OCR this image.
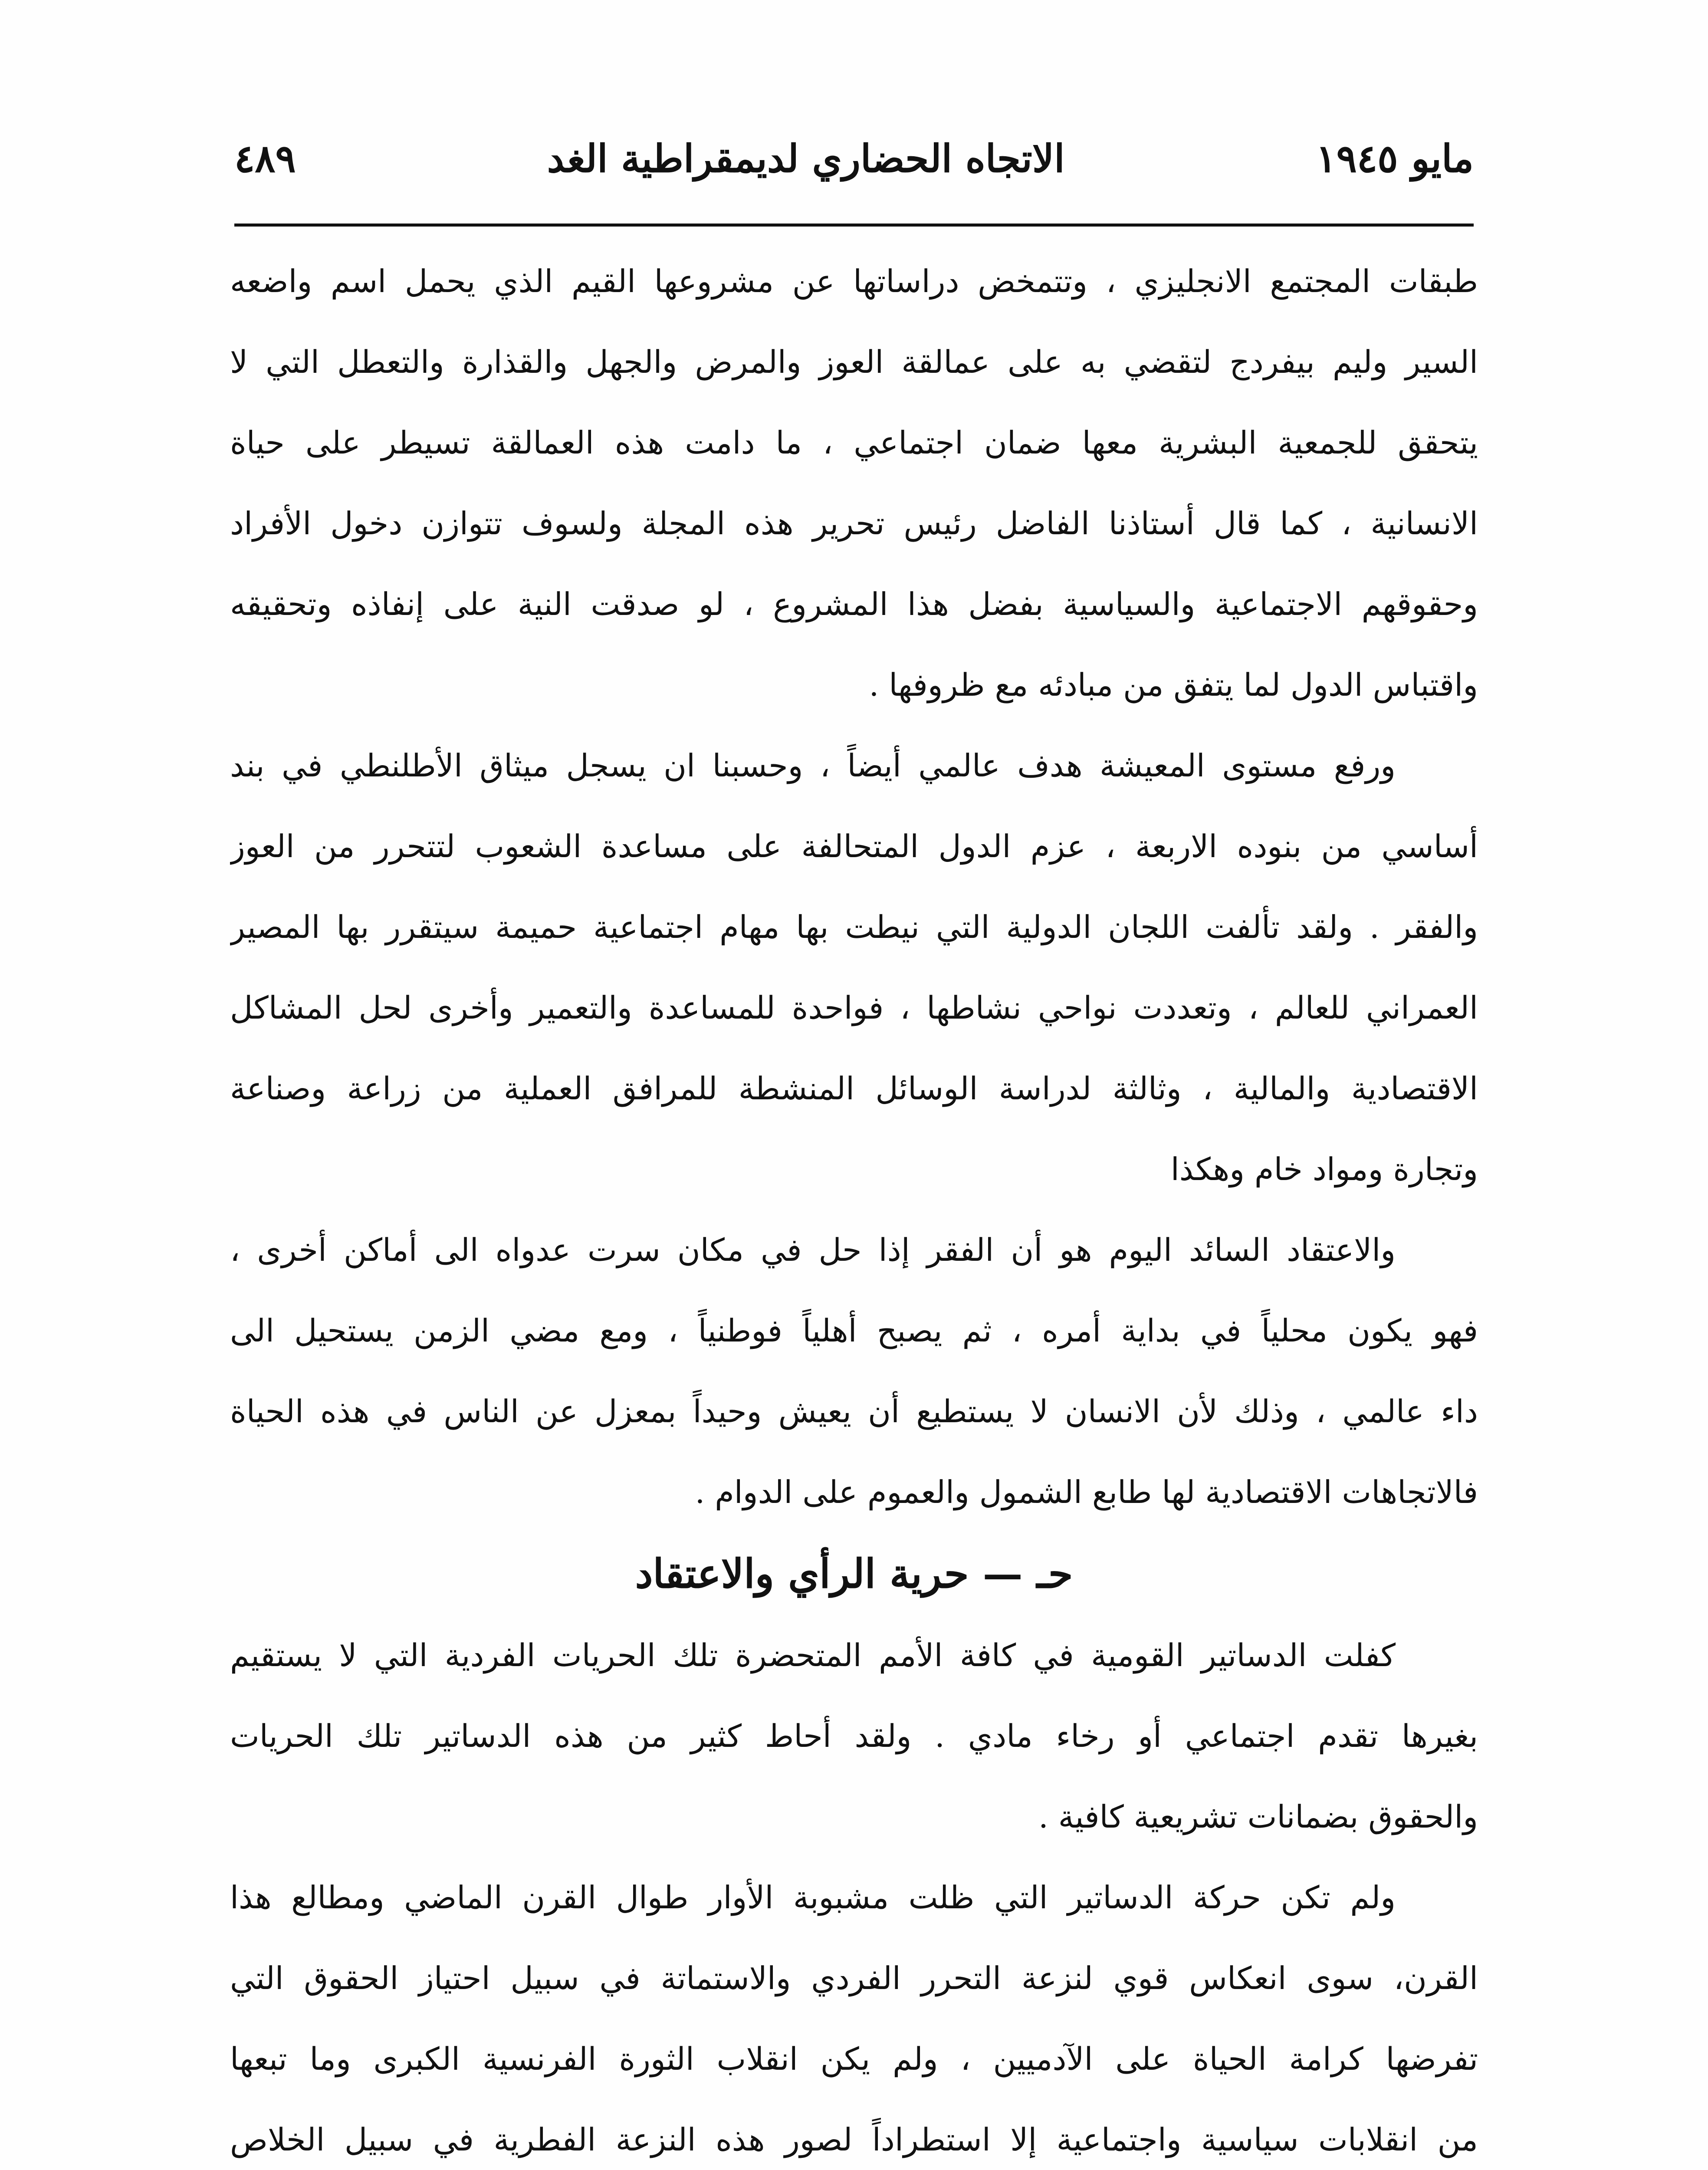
مايو ١٩٤٥
الاتجاه الحضاري لديمقراطية الغد
٤٨٩
طبقات المجتمع الانجليزي ، وتتمخض دراساتها عن مشروعها القيم الذي يحمل اسم واضعه
السير وليم بيفردج لتقضي به على عمالقة العوز والمرض والجهل والقذارة والتعطل التي لا
يتحقق للجمعية البشرية معها ضمان اجتماعي ، ما دامت هذه العمالقة تسيطر على حياة
الانسانية ، كما قال أستاذنا الفاضل رئيس تحرير هذه المجلة ولسوف تتوازن دخول الأفراد
وحقوقهم الاجتماعية والسياسية بفضل هذا المشروع ، لو صدقت النية على إنفاذه وتحقيقه
واقتباس الدول لما يتفق من مبادئه مع ظروفها .
ورفع مستوى المعيشة هدف عالمي أيضاً ، وحسبنا ان يسجل ميثاق الأطلنطي في بند
أساسي من بنوده الاربعة ، عزم الدول المتحالفة على مساعدة الشعوب لتتحرر من العوز
والفقر . ولقد تألفت اللجان الدولية التي نيطت بها مهام اجتماعية حميمة سيتقرر بها المصير
العمراني للعالم ، وتعددت نواحي نشاطها ، فواحدة للمساعدة والتعمير وأخرى لحل المشاكل
الاقتصادية والمالية ، وثالثة لدراسة الوسائل المنشطة للمرافق العملية من زراعة وصناعة
وتجارة ومواد خام وهكذا
والاعتقاد السائد اليوم هو أن الفقر إذا حل في مكان سرت عدواه الى أماكن أخرى ،
فهو يكون محلياً في بداية أمره ، ثم يصبح أهلياً فوطنياً ، ومع مضي الزمن يستحيل الى
داء عالمي ، وذلك لأن الانسان لا يستطيع أن يعيش وحيداً بمعزل عن الناس في هذه الحياة
فالاتجاهات الاقتصادية لها طابع الشمول والعموم على الدوام .
حـ — حرية الرأي والاعتقاد
كفلت الدساتير القومية في كافة الأمم المتحضرة تلك الحريات الفردية التي لا يستقيم
بغيرها تقدم اجتماعي أو رخاء مادي . ولقد أحاط كثير من هذه الدساتير تلك الحريات
والحقوق بضمانات تشريعية كافية .
ولم تكن حركة الدساتير التي ظلت مشبوبة الأوار طوال القرن الماضي ومطالع هذا
القرن، سوى انعكاس قوي لنزعة التحرر الفردي والاستماتة في سبيل احتياز الحقوق التي
تفرضها كرامة الحياة على الآدميين ، ولم يكن انقلاب الثورة الفرنسية الكبرى وما تبعها
من انقلابات سياسية واجتماعية إلا استطراداً لصور هذه النزعة الفطرية في سبيل الخلاص
